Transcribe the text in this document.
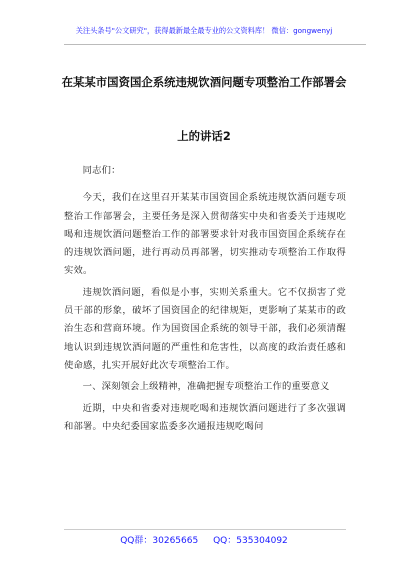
关注头条号"公文研究"，获得最新最全最专业的公文资料库！ 微信：gongwenyj
在某某市国资国企系统违规饮酒问题专项整治工作部署会
上的讲话2

同志们：

今天，我们在这里召开某某市国资国企系统违规饮酒问题专项整治工作部署会，主要任务是深入贯彻落实中央和省委关于违规吃喝和违规饮酒问题整治工作的部署要求针对我市国资国企系统存在的违规饮酒问题，进行再动员再部署，切实推动专项整治工作取得实效。

违规饮酒问题，看似是小事，实则关系重大。它不仅损害了党员干部的形象，破坏了国资国企的纪律规矩，更影响了某某市的政治生态和营商环境。作为国资国企系统的领导干部，我们必须清醒地认识到违规饮酒问题的严重性和危害性，以高度的政治责任感和使命感，扎实开展好此次专项整治工作。

一、深刻领会上级精神，准确把握专项整治工作的重要意义

近期，中央和省委对违规吃喝和违规饮酒问题进行了多次强调和部署。中央纪委国家监委多次通报违规吃喝问

QQ群：30265665 QQ：535304092
